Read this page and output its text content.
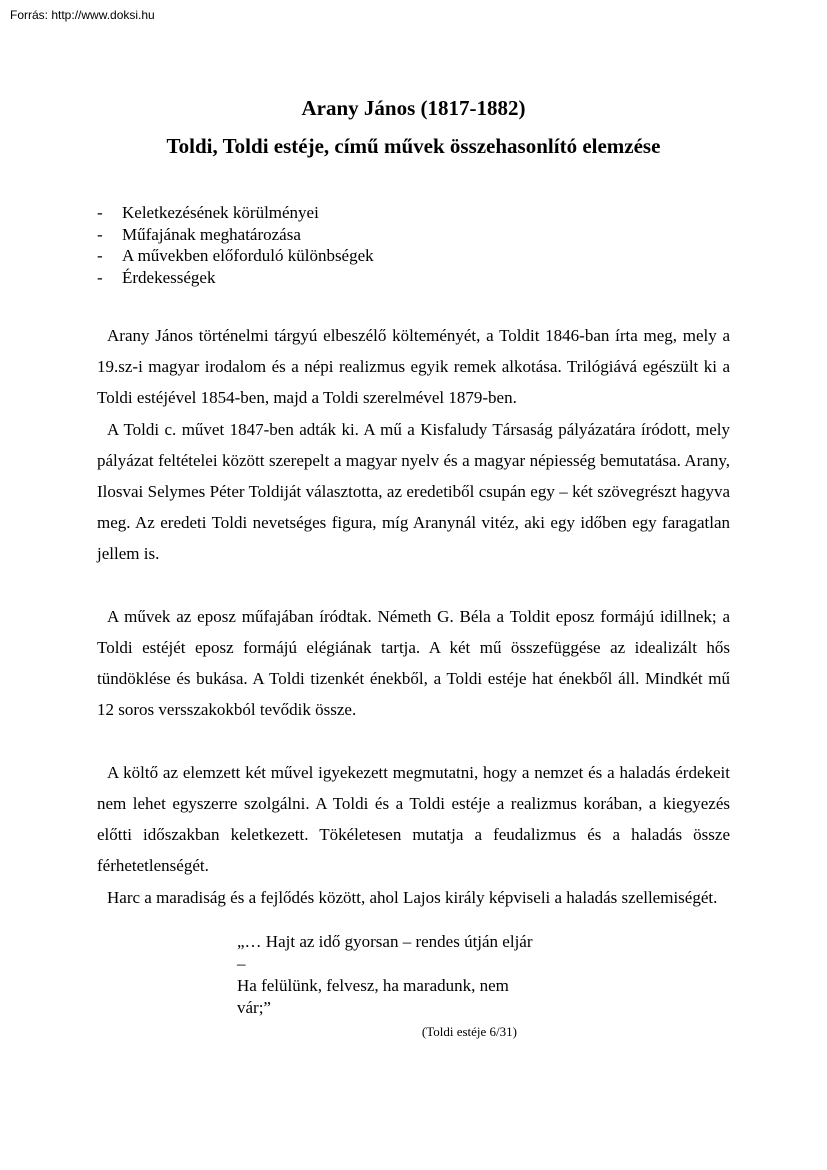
Forrás: http://www.doksi.hu
Arany János (1817-1882)
Toldi, Toldi estéje, című művek összehasonlító elemzése
-
Keletkezésének körülményei
-
Műfajának meghatározása
-
A művekben előforduló különbségek
-
Érdekességek

Arany János történelmi tárgyú elbeszélő költeményét, a Toldit 1846-ban írta meg, mely a 19.sz-i magyar irodalom és a népi realizmus egyik remek alkotása. Trilógiává egészült ki a Toldi estéjével 1854-ben, majd a Toldi szerelmével 1879-ben.

A Toldi c. művet 1847-ben adták ki. A mű a Kisfaludy Társaság pályázatára íródott, mely pályázat feltételei között szerepelt a magyar nyelv és a magyar népiesség bemutatása. Arany, Ilosvai Selymes Péter Toldiját választotta, az eredetiből csupán egy – két szövegrészt hagyva meg. Az eredeti Toldi nevetséges figura, míg Aranynál vitéz, aki egy időben egy faragatlan jellem is.

A művek az eposz műfajában íródtak. Németh G. Béla a Toldit eposz formájú idillnek; a Toldi estéjét eposz formájú elégiának tartja. A két mű összefüggése az idealizált hős tündöklése és bukása. A Toldi tizenkét énekből, a Toldi estéje hat énekből áll. Mindkét mű 12 soros versszakokból tevődik össze.

A költő az elemzett két művel igyekezett megmutatni, hogy a nemzet és a haladás érdekeit nem lehet egyszerre szolgálni. A Toldi és a Toldi estéje a realizmus korában, a kiegyezés előtti időszakban keletkezett. Tökéletesen mutatja a feudalizmus és a haladás össze férhetetlenségét.

Harc a maradiság és a fejlődés között, ahol Lajos király képviseli a haladás szellemiségét.

„… Hajt az idő gyorsan – rendes útján eljár –
Ha felülünk, felvesz, ha maradunk, nem vár;”
(Toldi estéje 6/31)
